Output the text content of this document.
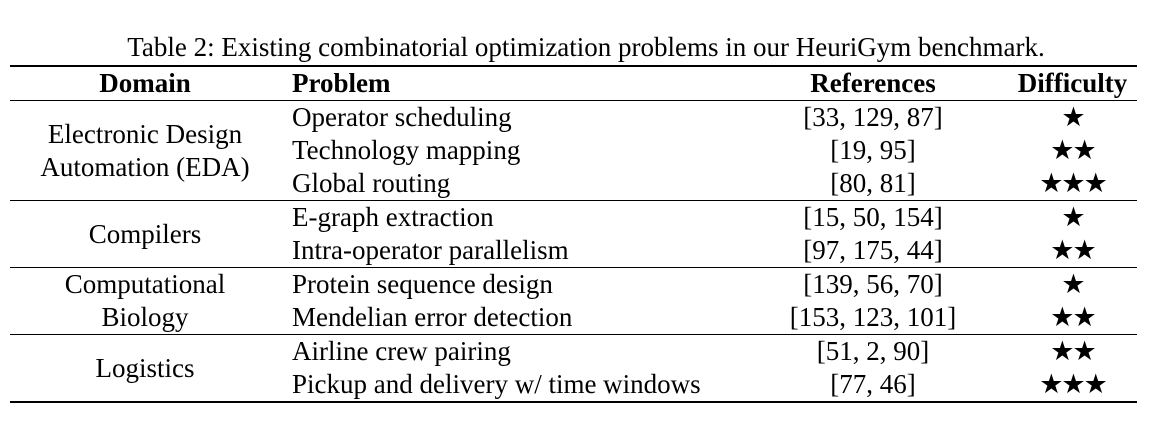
Table 2: Existing combinatorial optimization problems in our HeuriGym benchmark.
Domain	Problem	References	Difficulty

Electronic Design
Automation (EDA)	Operator scheduling	[33, 129, 87]	★
	Technology mapping	[19, 95]	★★
	Global routing	[80, 81]	★★★

Compilers	E-graph extraction	[15, 50, 154]	★
	Intra-operator parallelism	[97, 175, 44]	★★

Computational
Biology	Protein sequence design	[139, 56, 70]	★
	Mendelian error detection	[153, 123, 101]	★★

Logistics	Airline crew pairing	[51, 2, 90]	★★
	Pickup and delivery w/ time windows	[77, 46]	★★★
